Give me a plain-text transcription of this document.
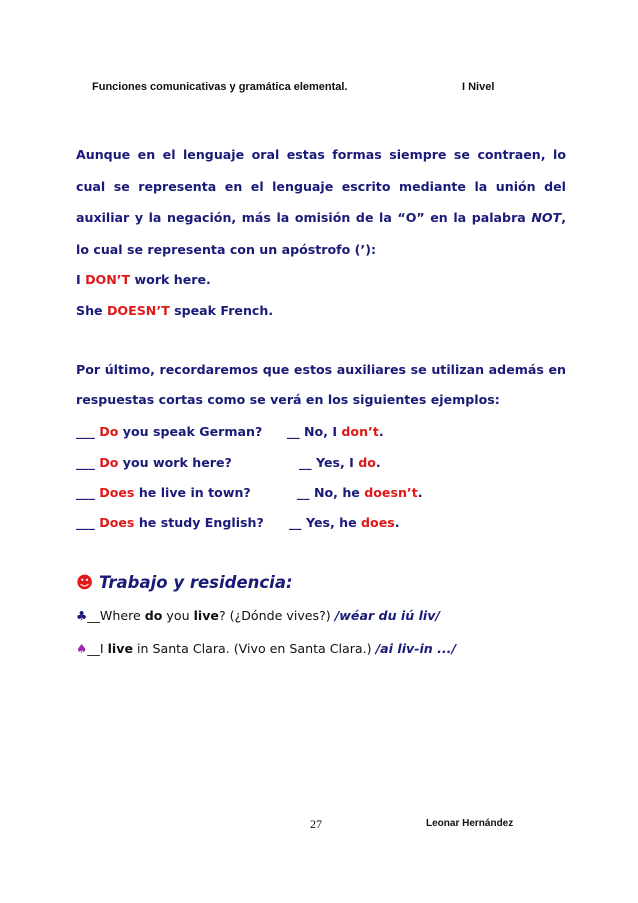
Funciones comunicativas y gramática elemental.	I Nivel
Aunque en el lenguaje oral estas formas siempre se contraen, lo
cual se representa en el lenguaje escrito mediante la unión del
auxiliar y la negación, más la omisión de la “O” en la palabra NOT,
lo cual se representa con un apóstrofo (’):
I DON’T work here.
She DOESN’T speak French.
Por último, recordaremos que estos auxiliares se utilizan además en
respuestas cortas como se verá en los siguientes ejemplos:
___ Do you speak German? __ No, I don’t.
___ Do you work here?	__ Yes, I do.
___ Does he live in town?	__ No, he doesn’t.
___ Does he study English? __ Yes, he does.
☻ Trabajo y residencia:
♣__Where do you live? (¿Dónde vives?) /wéar du iú liv/
♠__I live in Santa Clara. (Vivo en Santa Clara.) /ai liv-in .../
27	Leonar Hernández
